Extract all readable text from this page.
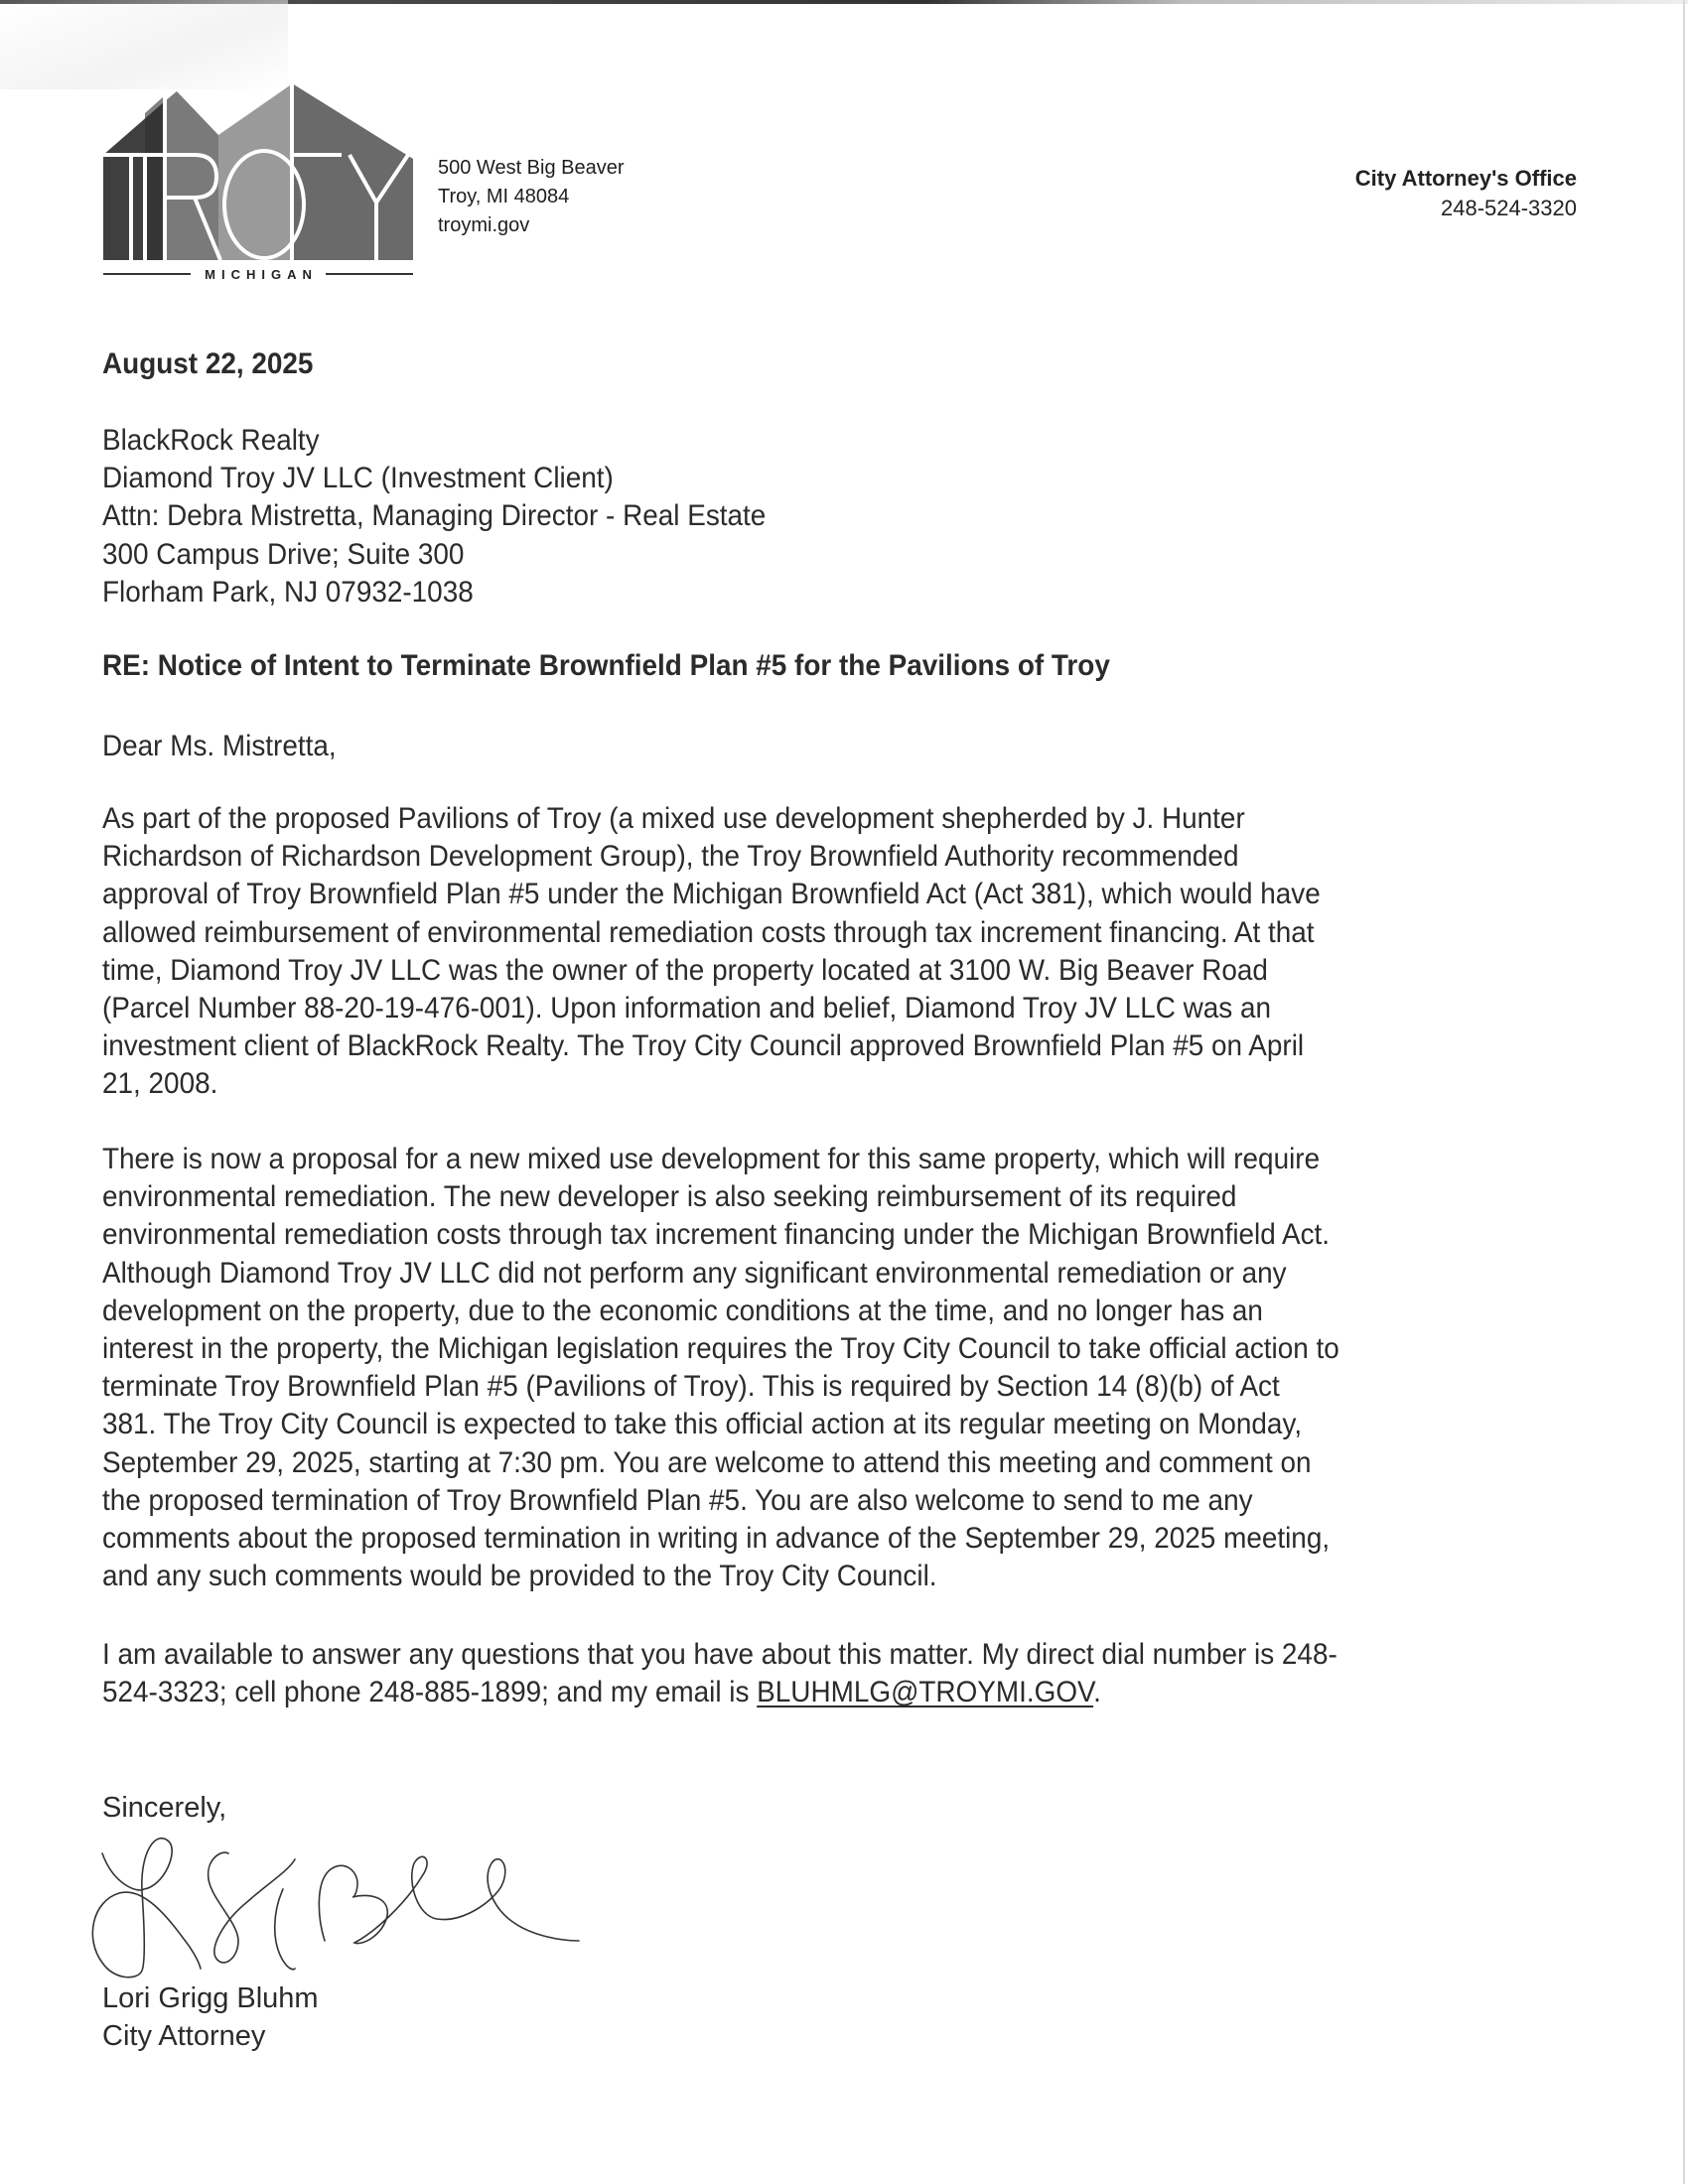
MICHIGAN
500 West Big Beaver
Troy, MI 48084
troymi.gov
City Attorney's Office
248-524-3320
August 22, 2025
BlackRock Realty
Diamond Troy JV LLC (Investment Client)
Attn: Debra Mistretta, Managing Director - Real Estate
300 Campus Drive; Suite 300
Florham Park, NJ 07932-1038
RE: Notice of Intent to Terminate Brownfield Plan #5 for the Pavilions of Troy
Dear Ms. Mistretta,
As part of the proposed Pavilions of Troy (a mixed use development shepherded by J. Hunter
Richardson of Richardson Development Group), the Troy Brownfield Authority recommended
approval of Troy Brownfield Plan #5 under the Michigan Brownfield Act (Act 381), which would have
allowed reimbursement of environmental remediation costs through tax increment financing. At that
time, Diamond Troy JV LLC was the owner of the property located at 3100 W. Big Beaver Road
(Parcel Number 88-20-19-476-001). Upon information and belief, Diamond Troy JV LLC was an
investment client of BlackRock Realty. The Troy City Council approved Brownfield Plan #5 on April
21, 2008.
There is now a proposal for a new mixed use development for this same property, which will require
environmental remediation. The new developer is also seeking reimbursement of its required
environmental remediation costs through tax increment financing under the Michigan Brownfield Act.
Although Diamond Troy JV LLC did not perform any significant environmental remediation or any
development on the property, due to the economic conditions at the time, and no longer has an
interest in the property, the Michigan legislation requires the Troy City Council to take official action to
terminate Troy Brownfield Plan #5 (Pavilions of Troy). This is required by Section 14 (8)(b) of Act
381. The Troy City Council is expected to take this official action at its regular meeting on Monday,
September 29, 2025, starting at 7:30 pm. You are welcome to attend this meeting and comment on
the proposed termination of Troy Brownfield Plan #5. You are also welcome to send to me any
comments about the proposed termination in writing in advance of the September 29, 2025 meeting,
and any such comments would be provided to the Troy City Council.
I am available to answer any questions that you have about this matter. My direct dial number is 248-
524-3323; cell phone 248-885-1899; and my email is BLUHMLG@TROYMI.GOV.
Sincerely,
Lori Grigg Bluhm
City Attorney
